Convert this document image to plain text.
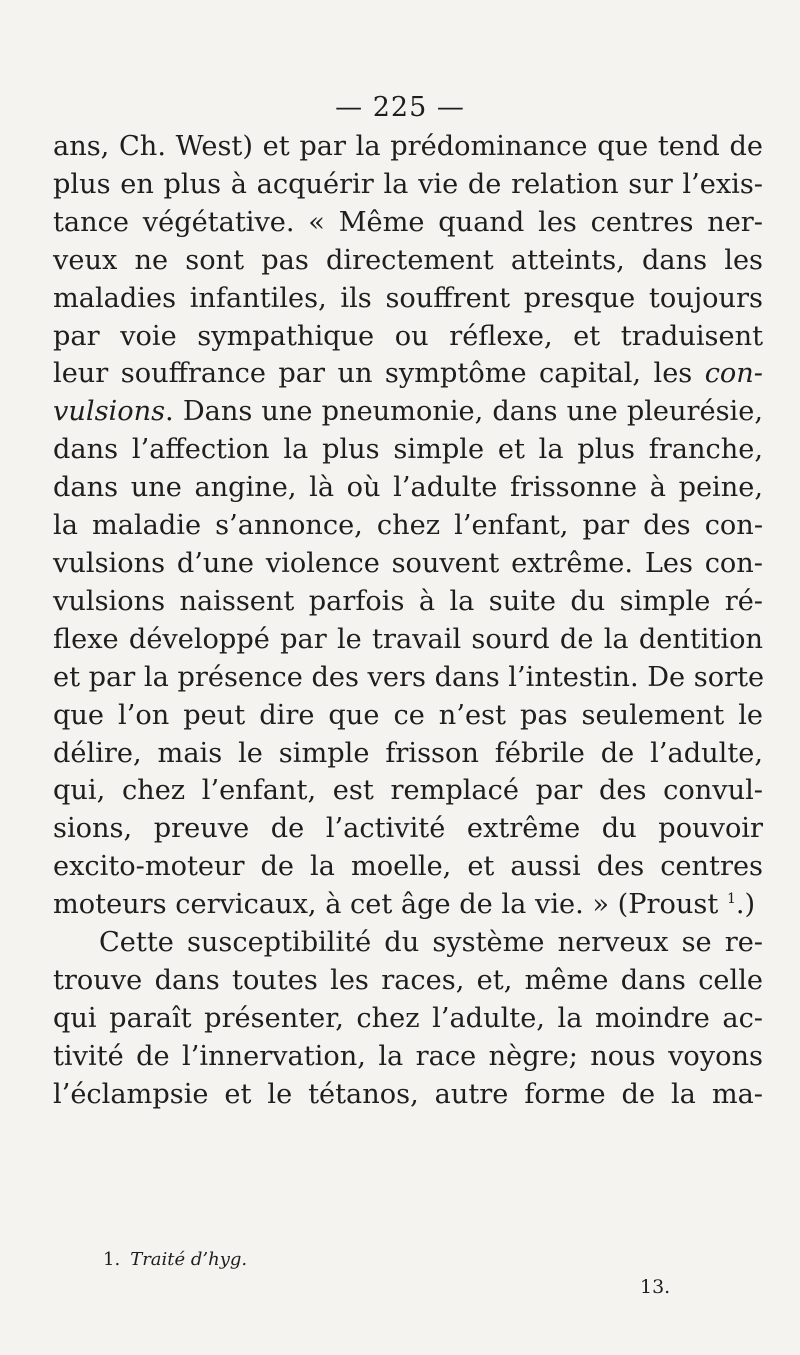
— 225 —
ans, Ch. West) et par la prédominance que tend de
plus en plus à acquérir la vie de relation sur l’exis-
tance végétative. « Même quand les centres ner-
veux ne sont pas directement atteints, dans les
maladies infantiles, ils souffrent presque toujours
par voie sympathique ou réflexe, et traduisent
leur souffrance par un symptôme capital, les con-
vulsions. Dans une pneumonie, dans une pleurésie,
dans l’affection la plus simple et la plus franche,
dans une angine, là où l’adulte frissonne à peine,
la maladie s’annonce, chez l’enfant, par des con-
vulsions d’une violence souvent extrême. Les con-
vulsions naissent parfois à la suite du simple ré-
flexe développé par le travail sourd de la dentition
et par la présence des vers dans l’intestin. De sorte
que l’on peut dire que ce n’est pas seulement le
délire, mais le simple frisson fébrile de l’adulte,
qui, chez l’enfant, est remplacé par des convul-
sions, preuve de l’activité extrême du pouvoir
excito-moteur de la moelle, et aussi des centres
moteurs cervicaux, à cet âge de la vie. » (Proust $^1$.)
Cette susceptibilité du système nerveux se re-
trouve dans toutes les races, et, même dans celle
qui paraît présenter, chez l’adulte, la moindre ac-
tivité de l’innervation, la race nègre; nous voyons
l’éclampsie et le tétanos, autre forme de la ma-
1. Traité d’hyg.
13.
